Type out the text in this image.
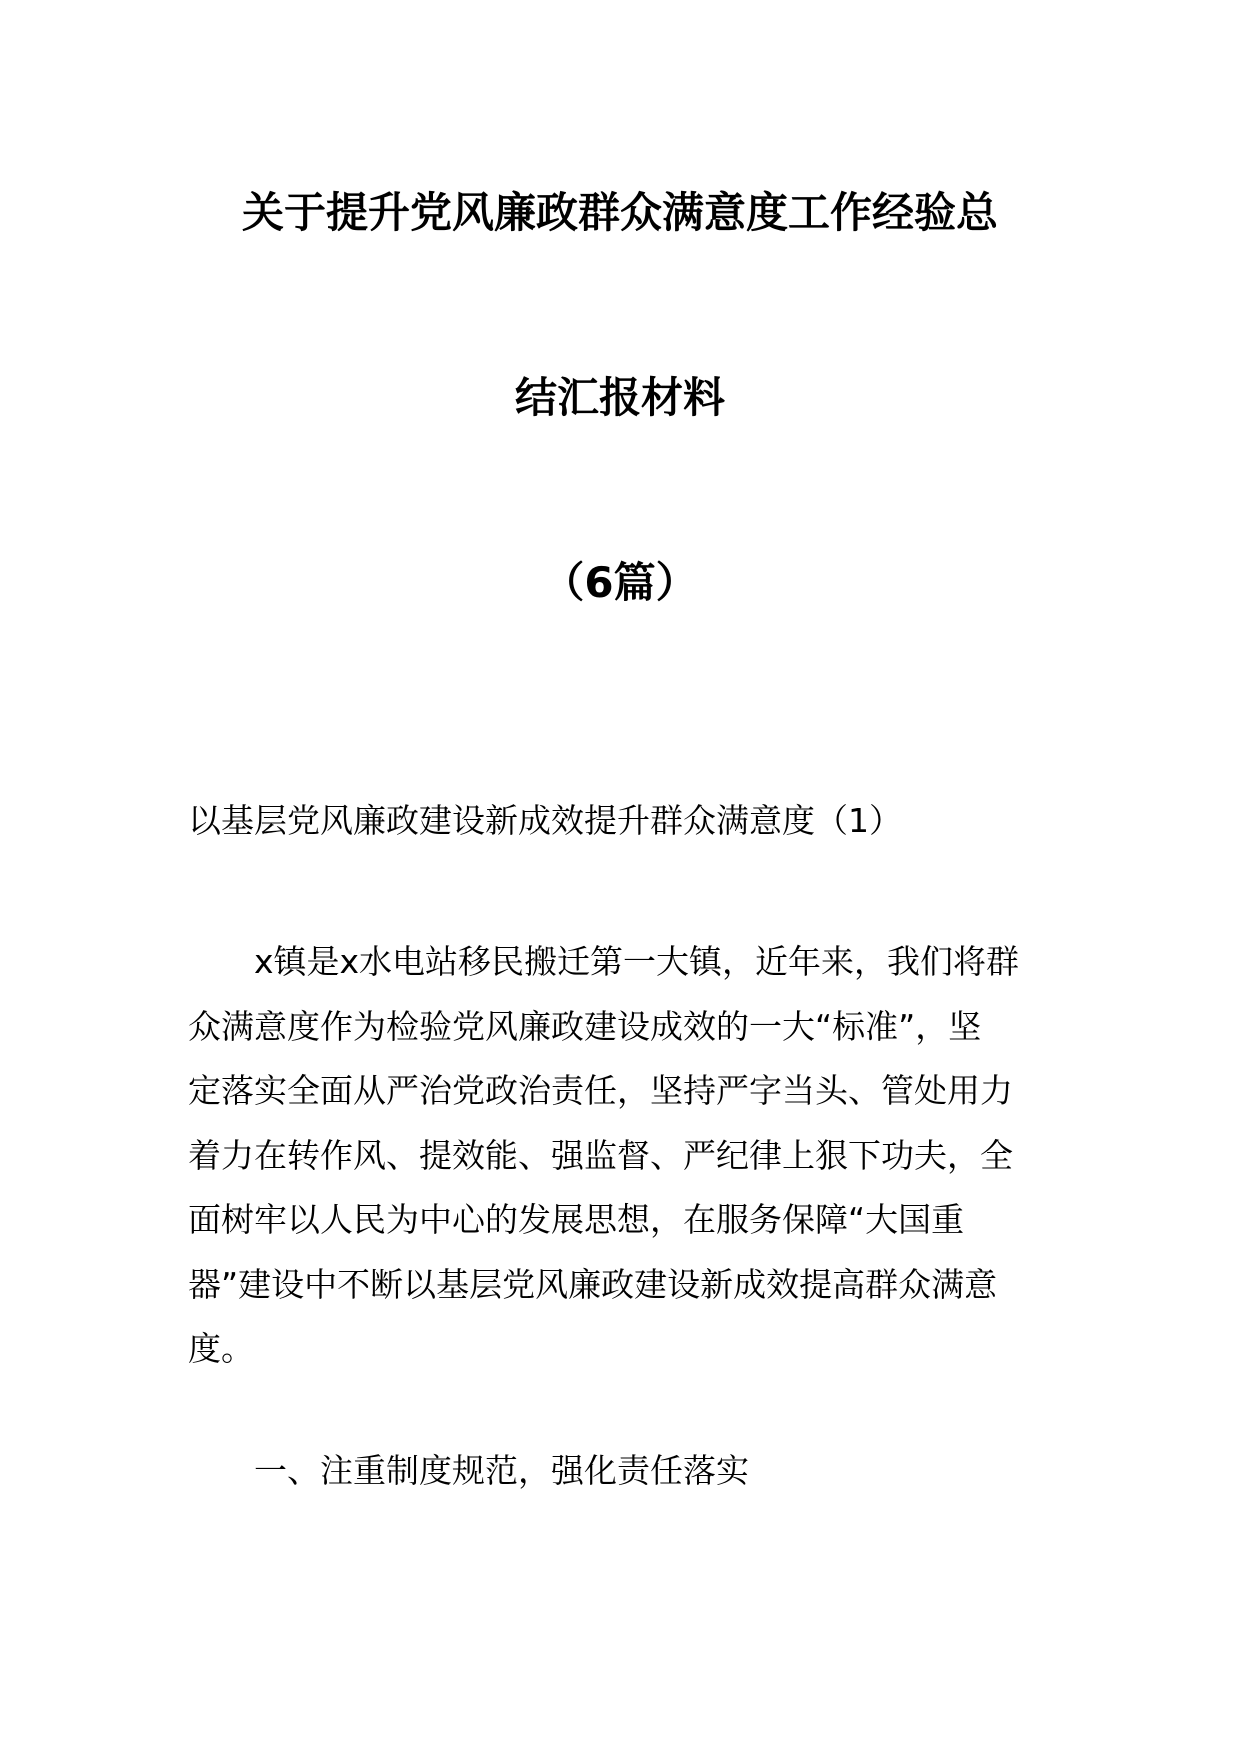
关于提升党风廉政群众满意度工作经验总
结汇报材料
（6篇）
以基层党风廉政建设新成效提升群众满意度（1）
x镇是x水电站移民搬迁第一大镇，近年来，我们将群
众满意度作为检验党风廉政建设成效的一大“标准”，坚
定落实全面从严治党政治责任，坚持严字当头、管处用力
着力在转作风、提效能、强监督、严纪律上狠下功夫，全
面树牢以人民为中心的发展思想，在服务保障“大国重
器”建设中不断以基层党风廉政建设新成效提高群众满意
度。
一、注重制度规范，强化责任落实
